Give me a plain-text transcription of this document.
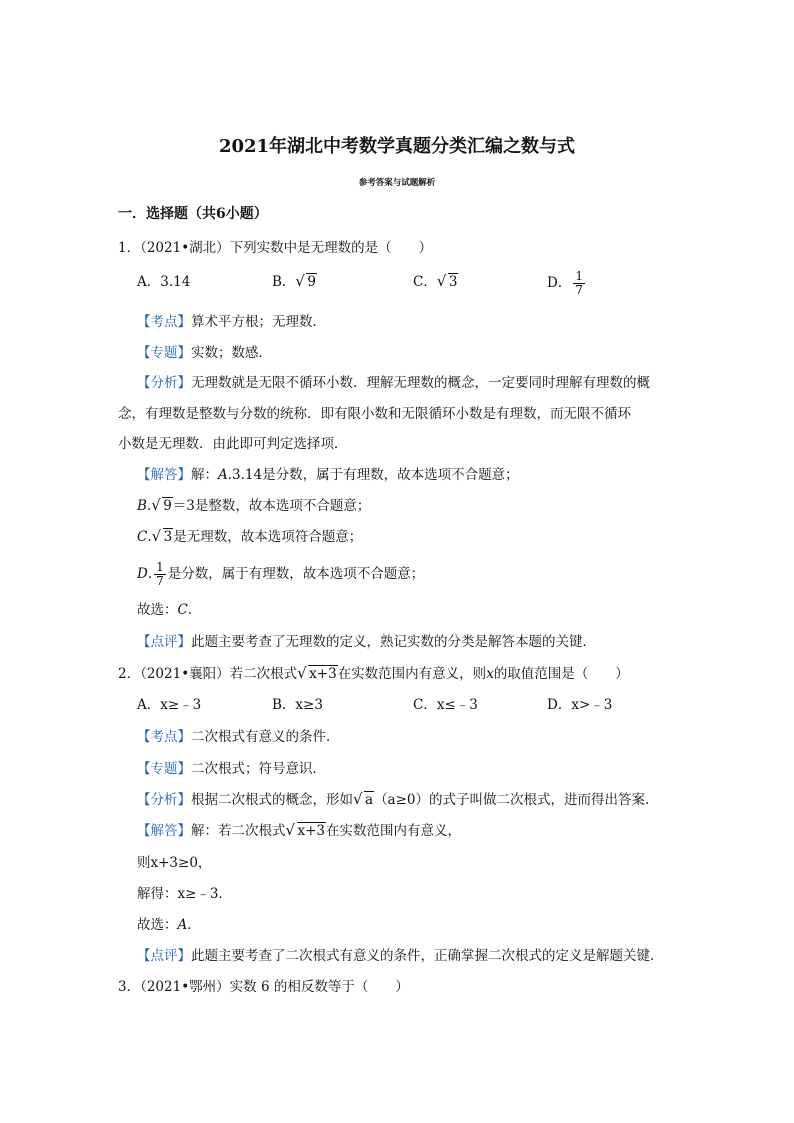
2021年湖北中考数学真题分类汇编之数与式
参考答案与试题解析
一．选择题（共6小题）
1．（2021•湖北）下列实数中是无理数的是（　　）
A．3.14	B． √ 9	C． √ 3	D． $\frac{1}{7}$
【考点】算术平方根；无理数．
【专题】实数；数感．
【分析】无理数就是无限不循环小数．理解无理数的概念，一定要同时理解有理数的概
念，有理数是整数与分数的统称．即有限小数和无限循环小数是有理数，而无限不循环
小数是无理数．由此即可判定选择项．
【解答】解：A.3.14是分数，属于有理数，故本选项不合题意；
B. √ 9＝3是整数，故本选项不合题意；
C. √ 3是无理数，故本选项符合题意；
D. $\frac{1}{7}$ 是分数，属于有理数，故本选项不合题意；
故选：C．
【点评】此题主要考查了无理数的定义，熟记实数的分类是解答本题的关键．
2．（2021•襄阳）若二次根式 √ x+3在实数范围内有意义，则x的取值范围是（　　）
A．x≥﹣3	B．x≥3	C．x≤﹣3	D．x>﹣3
【考点】二次根式有意义的条件．
【专题】二次根式；符号意识．
【分析】根据二次根式的概念，形如 √ a（a≥0）的式子叫做二次根式，进而得出答案．
【解答】解：若二次根式 √ x+3在实数范围内有意义，
则x+3≥0，
解得：x≥﹣3．
故选：A．
【点评】此题主要考查了二次根式有意义的条件，正确掌握二次根式的定义是解题关键．
3．（2021•鄂州）实数 6 的相反数等于（　　）
